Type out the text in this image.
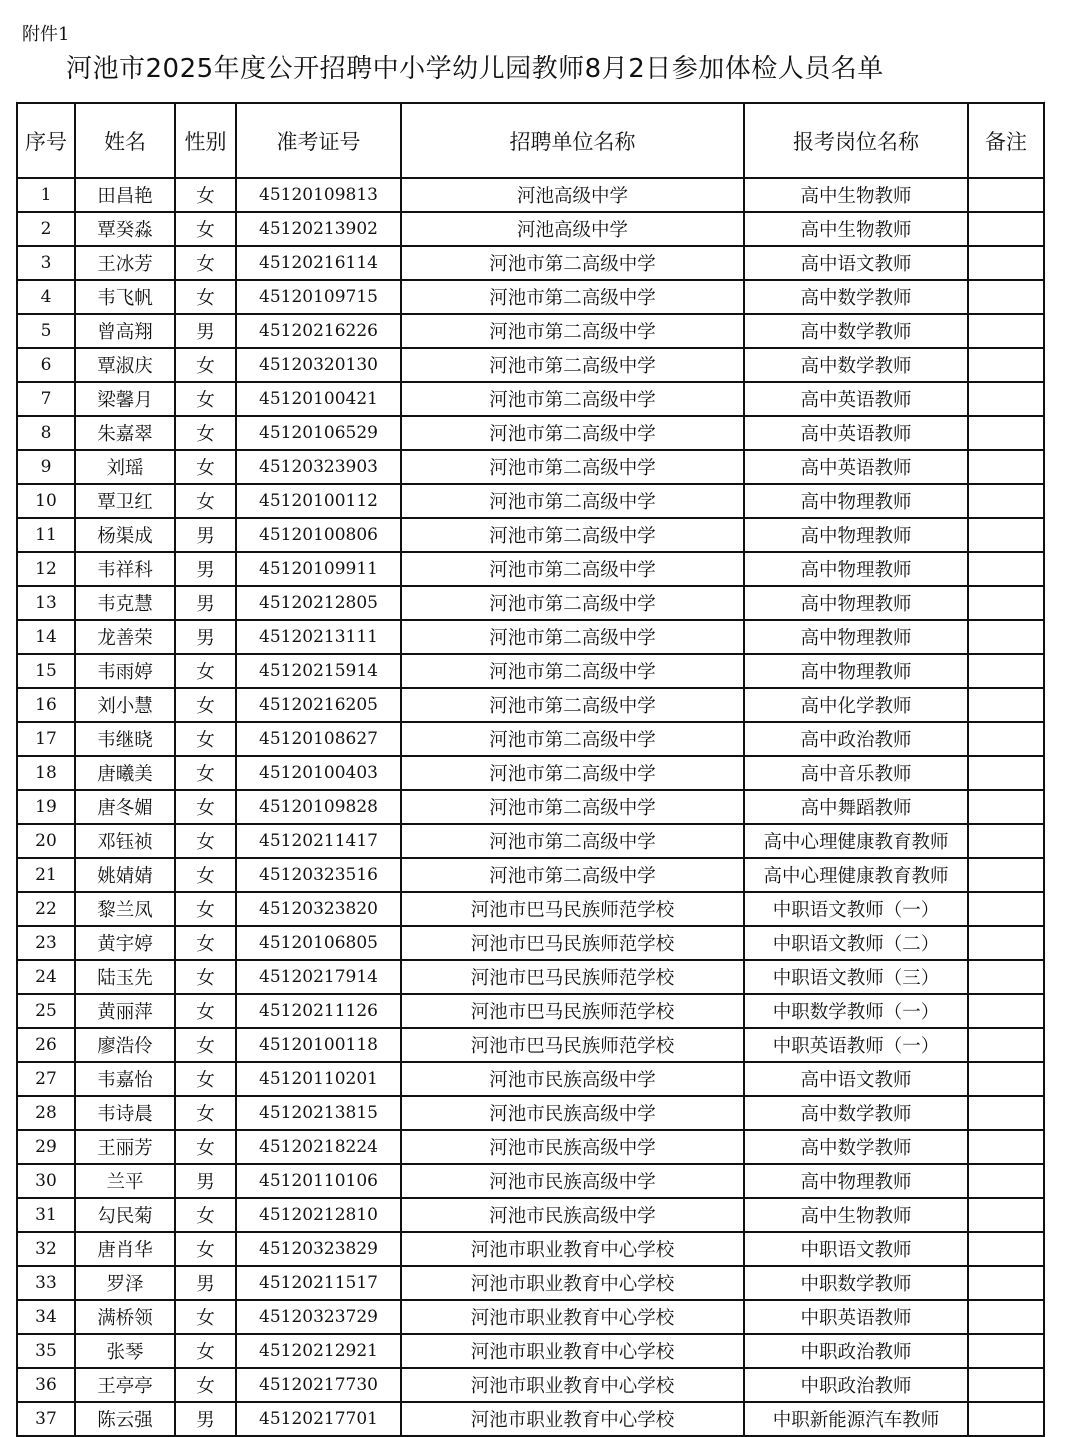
附件1
河池市2025年度公开招聘中小学幼儿园教师8月2日参加体检人员名单
序号	姓名	性别	准考证号	招聘单位名称	报考岗位名称	备注
1	田昌艳	女	45120109813	河池高级中学	高中生物教师	
2	覃癸淼	女	45120213902	河池高级中学	高中生物教师	
3	王冰芳	女	45120216114	河池市第二高级中学	高中语文教师	
4	韦飞帆	女	45120109715	河池市第二高级中学	高中数学教师	
5	曾高翔	男	45120216226	河池市第二高级中学	高中数学教师	
6	覃淑庆	女	45120320130	河池市第二高级中学	高中数学教师	
7	梁馨月	女	45120100421	河池市第二高级中学	高中英语教师	
8	朱嘉翠	女	45120106529	河池市第二高级中学	高中英语教师	
9	刘瑶	女	45120323903	河池市第二高级中学	高中英语教师	
10	覃卫红	女	45120100112	河池市第二高级中学	高中物理教师	
11	杨渠成	男	45120100806	河池市第二高级中学	高中物理教师	
12	韦祥科	男	45120109911	河池市第二高级中学	高中物理教师	
13	韦克慧	男	45120212805	河池市第二高级中学	高中物理教师	
14	龙善荣	男	45120213111	河池市第二高级中学	高中物理教师	
15	韦雨婷	女	45120215914	河池市第二高级中学	高中物理教师	
16	刘小慧	女	45120216205	河池市第二高级中学	高中化学教师	
17	韦继晓	女	45120108627	河池市第二高级中学	高中政治教师	
18	唐曦美	女	45120100403	河池市第二高级中学	高中音乐教师	
19	唐冬媚	女	45120109828	河池市第二高级中学	高中舞蹈教师	
20	邓钰祯	女	45120211417	河池市第二高级中学	高中心理健康教育教师	
21	姚婧婧	女	45120323516	河池市第二高级中学	高中心理健康教育教师	
22	黎兰凤	女	45120323820	河池市巴马民族师范学校	中职语文教师（一）	
23	黄宇婷	女	45120106805	河池市巴马民族师范学校	中职语文教师（二）	
24	陆玉先	女	45120217914	河池市巴马民族师范学校	中职语文教师（三）	
25	黄丽萍	女	45120211126	河池市巴马民族师范学校	中职数学教师（一）	
26	廖浩伶	女	45120100118	河池市巴马民族师范学校	中职英语教师（一）	
27	韦嘉怡	女	45120110201	河池市民族高级中学	高中语文教师	
28	韦诗晨	女	45120213815	河池市民族高级中学	高中数学教师	
29	王丽芳	女	45120218224	河池市民族高级中学	高中数学教师	
30	兰平	男	45120110106	河池市民族高级中学	高中物理教师	
31	勾民菊	女	45120212810	河池市民族高级中学	高中生物教师	
32	唐肖华	女	45120323829	河池市职业教育中心学校	中职语文教师	
33	罗泽	男	45120211517	河池市职业教育中心学校	中职数学教师	
34	满桥领	女	45120323729	河池市职业教育中心学校	中职英语教师	
35	张琴	女	45120212921	河池市职业教育中心学校	中职政治教师	
36	王亭亭	女	45120217730	河池市职业教育中心学校	中职政治教师	
37	陈云强	男	45120217701	河池市职业教育中心学校	中职新能源汽车教师	
